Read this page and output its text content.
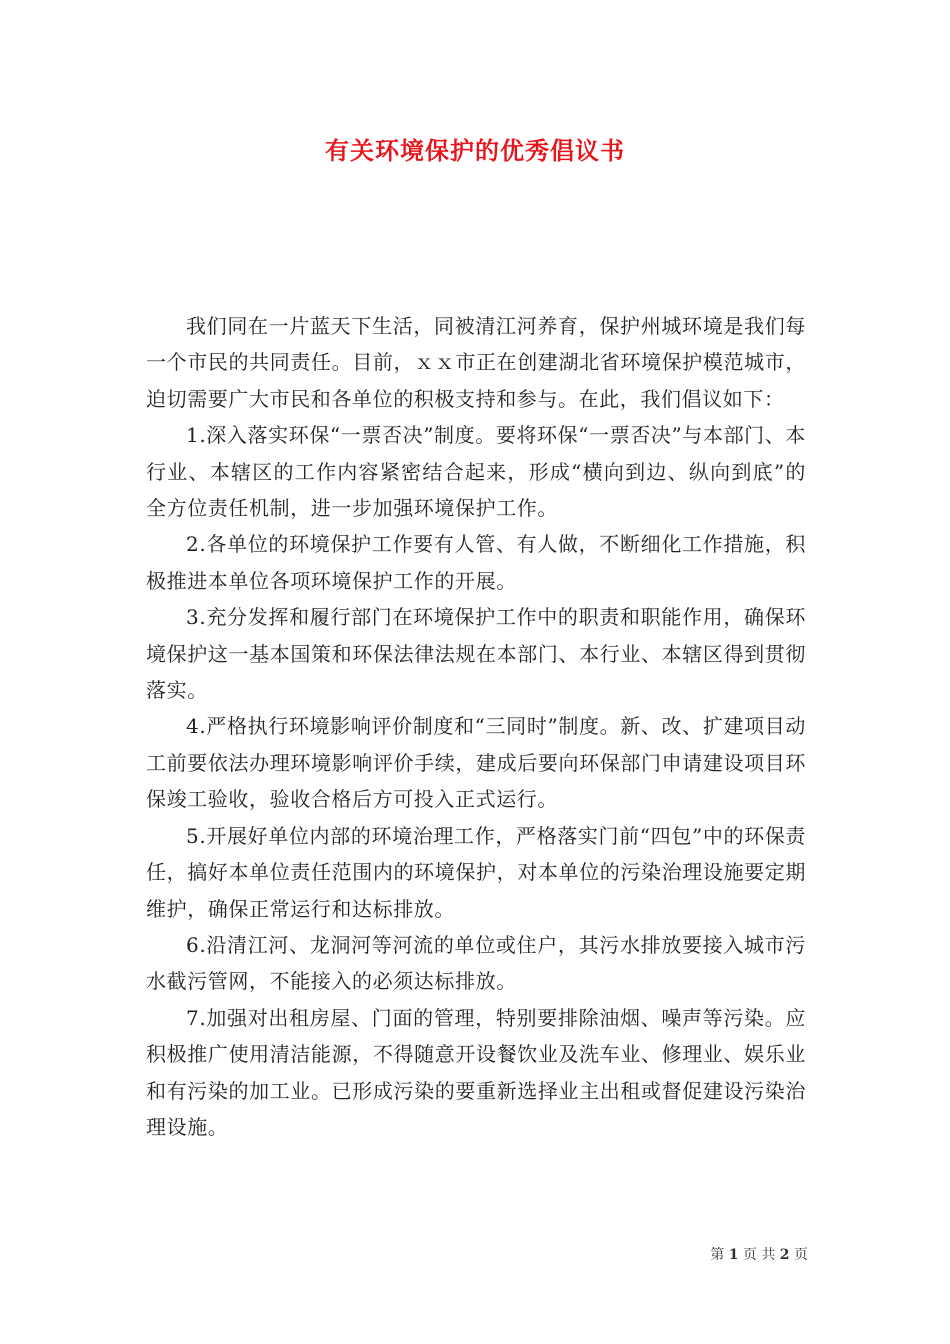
有关环境保护的优秀倡议书

我们同在一片蓝天下生活，同被清江河养育，保护州城环境是我们每一个市民的共同责任。目前，ｘｘ市正在创建湖北省环境保护模范城市，迫切需要广大市民和各单位的积极支持和参与。在此，我们倡议如下：

1.深入落实环保“一票否决”制度。要将环保“一票否决”与本部门、本行业、本辖区的工作内容紧密结合起来，形成“横向到边、纵向到底”的全方位责任机制，进一步加强环境保护工作。

2.各单位的环境保护工作要有人管、有人做，不断细化工作措施，积极推进本单位各项环境保护工作的开展。

3.充分发挥和履行部门在环境保护工作中的职责和职能作用，确保环境保护这一基本国策和环保法律法规在本部门、本行业、本辖区得到贯彻落实。

4.严格执行环境影响评价制度和“三同时”制度。新、改、扩建项目动工前要依法办理环境影响评价手续，建成后要向环保部门申请建设项目环保竣工验收，验收合格后方可投入正式运行。

5.开展好单位内部的环境治理工作，严格落实门前“四包”中的环保责任，搞好本单位责任范围内的环境保护，对本单位的污染治理设施要定期维护，确保正常运行和达标排放。

6.沿清江河、龙洞河等河流的单位或住户，其污水排放要接入城市污水截污管网，不能接入的必须达标排放。

7.加强对出租房屋、门面的管理，特别要排除油烟、噪声等污染。应积极推广使用清洁能源，不得随意开设餐饮业及洗车业、修理业、娱乐业和有污染的加工业。已形成污染的要重新选择业主出租或督促建设污染治理设施。

第 1 页 共 2 页
